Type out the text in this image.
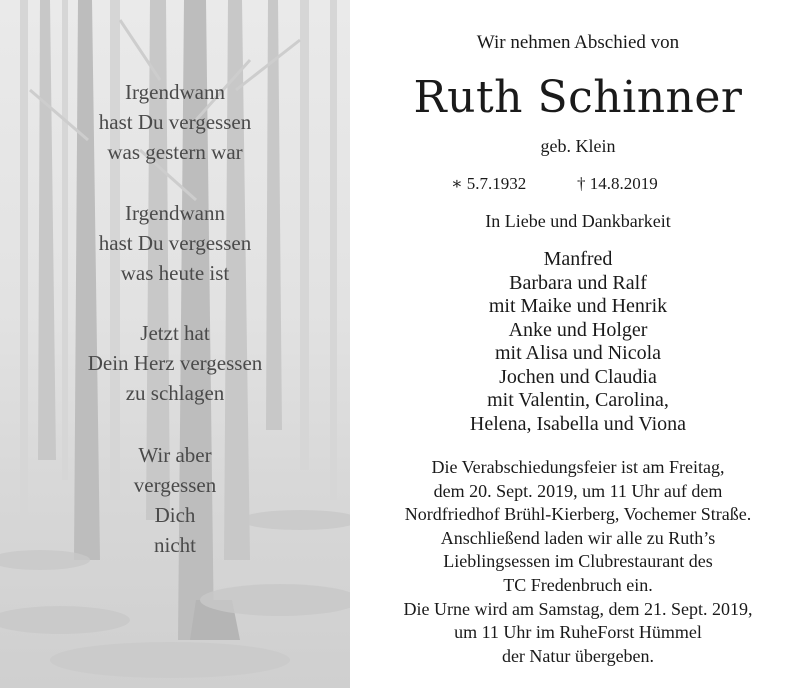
Irgendwann
hast Du vergessen
was gestern war
Irgendwann
hast Du vergessen
was heute ist
Jetzt hat
Dein Herz vergessen
zu schlagen
Wir aber
vergessen
Dich
nicht
Wir nehmen Abschied von
Ruth Schinner
geb. Klein
∗ 5.7.1932	† 14.8.2019
In Liebe und Dankbarkeit
Manfred
Barbara und Ralf
mit Maike und Henrik
Anke und Holger
mit Alisa und Nicola
Jochen und Claudia
mit Valentin, Carolina,
Helena, Isabella und Viona
Die Verabschiedungsfeier ist am Freitag,
dem 20. Sept. 2019, um 11 Uhr auf dem
Nordfriedhof Brühl-Kierberg, Vochemer Straße.
Anschließend laden wir alle zu Ruth’s
Lieblingsessen im Clubrestaurant des
TC Fredenbruch ein.
Die Urne wird am Samstag, dem 21. Sept. 2019,
um 11 Uhr im RuheForst Hümmel
der Natur übergeben.
